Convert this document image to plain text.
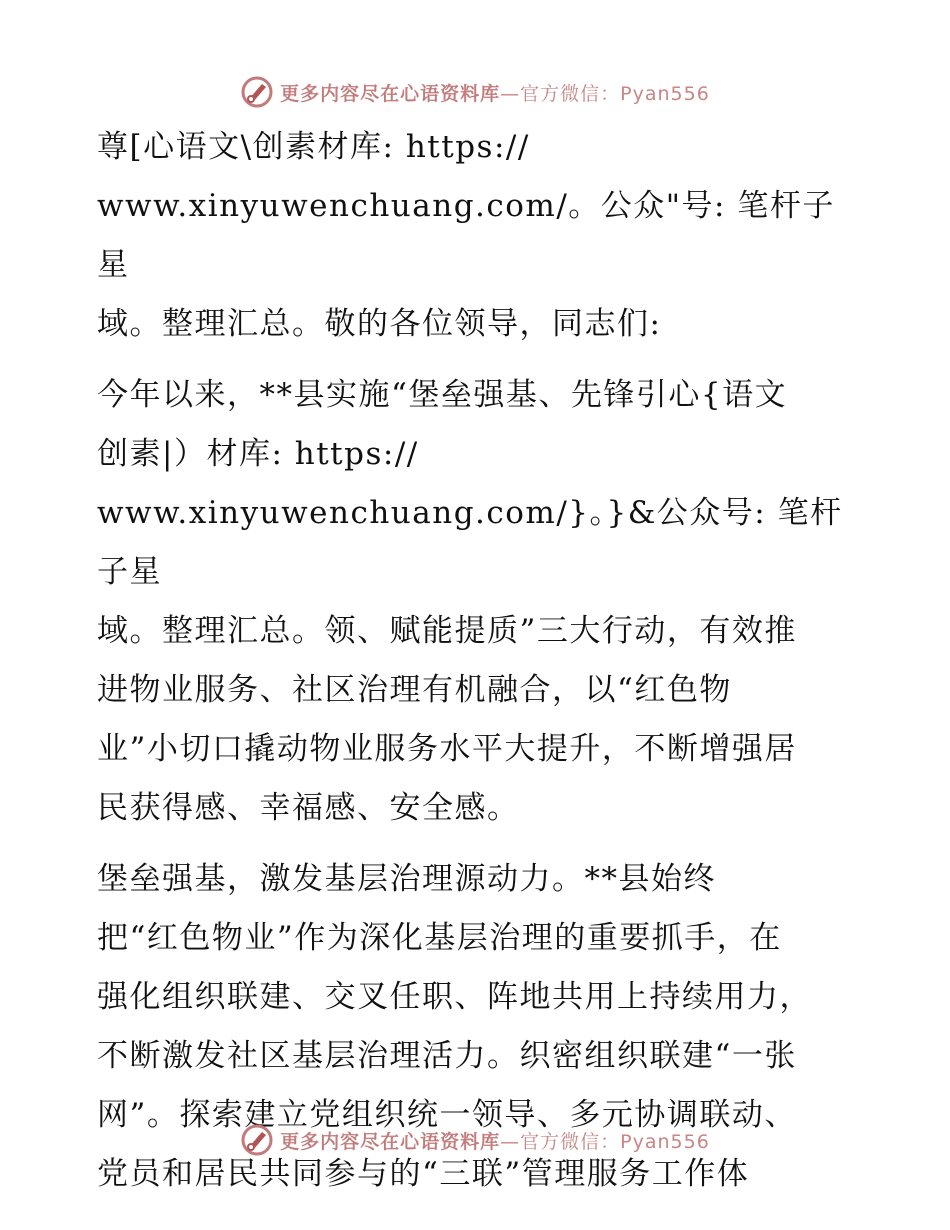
更多内容尽在心语资料库—官方微信：Pyan556

尊[心语文\创素材库: https://
www.xinyuwenchuang.com/。公众"号: 笔杆子星
域。整理汇总。敬的各位领导，同志们:

今年以来，**县实施“堡垒强基、先锋引心{语文
创素|）材库: https://
www.xinyuwenchuang.com/}。}&公众号: 笔杆子星
域。整理汇总。领、赋能提质”三大行动，有效推
进物业服务、社区治理有机融合，以“红色物
业”小切口撬动物业服务水平大提升，不断增强居
民获得感、幸福感、安全感。

堡垒强基，激发基层治理源动力。**县始终
把“红色物业”作为深化基层治理的重要抓手，在
强化组织联建、交叉任职、阵地共用上持续用力，
不断激发社区基层治理活力。织密组织联建“一张
网”。探索建立党组织统一领导、多元协调联动、
党员和居民共同参与的“三联”管理服务工作体

更多内容尽在心语资料库—官方微信：Pyan556
